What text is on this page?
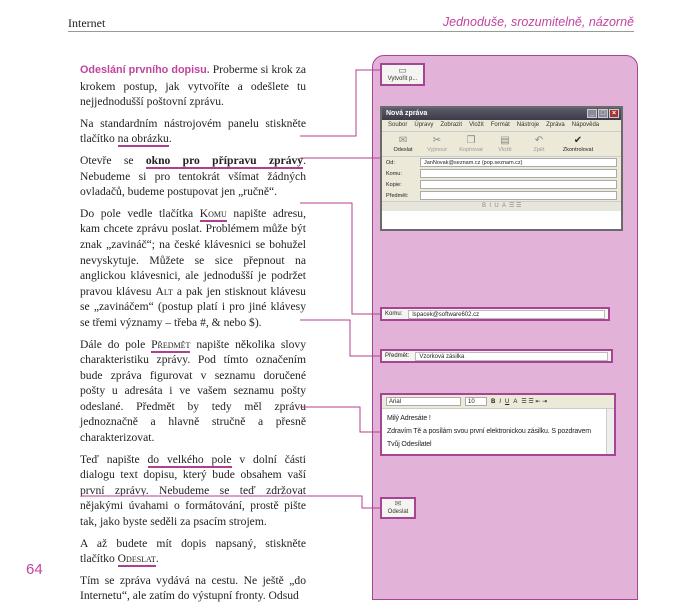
Internet	Jednoduše, srozumitelně, názorně
Odeslání prvního dopisu. Proberme si krok za krokem postup, jak vytvoříte a odešlete tu nejjednodušší poštovní zprávu.
Na standardním nástrojovém panelu stiskněte tlačítko na obrázku.
Otevře se okno pro přípravu zprávy. Nebudeme si pro tentokrát všímat žádných ovladačů, budeme postupovat jen „ručně“.
Do pole vedle tlačítka Komu napište adresu, kam chcete zprávu poslat. Problémem může být znak „zavináč“; na české klávesnici se bohužel nevyskytuje. Můžete se sice přepnout na anglickou klávesnici, ale jednodušší je podržet pravou klávesu Alt a pak jen stisknout klávesu se „zavináčem“ (postup platí i pro jiné klávesy se třemi významy – třeba #, & nebo $).
Dále do pole Předmět napište několika slovy charakteristiku zprávy. Pod tímto označením bude zpráva figurovat v seznamu doručené pošty u adresáta i ve vašem seznamu pošty odeslané. Předmět by tedy měl zprávu jednoznačně a hlavně stručně a přesně charakterizovat.
Teď napište do velkého pole v dolní části dialogu text dopisu, který bude obsahem vaší první zprávy. Nebudeme se teď zdržovat nějakými úvahami o formátování, prostě pište tak, jako byste seděli za psacím strojem.
A až budete mít dopis napsaný, stiskněte tlačítko Odeslat.
Tím se zpráva vydává na cestu. Ne ještě „do Internetu“, ale zatím do výstupní fronty. Odsud
64
▭
Vytvořit p...
Nová zpráva	_ □ ×
Soubor Úpravy Zobrazit Vložit Formát Nástroje Zpráva Nápověda
✉
Odeslat
✂
Vyjmout
❐
Kopírovat
▤
Vložit
↶
Zpět
✔
Zkontrolovat
Od:	JanNovak@seznam.cz (pop.seznam.cz)
Komu:
Kopie:
Předmět:
B  I  U  A  ☰ ☰
Komu:	lspacek@software602.cz
Předmět:	Vzorková zásilka
Arial	10	B I U A ☰ ☰ ⇤ ⇥
Milý Adresáte !
Zdravím Tě a posílám svou první elektronickou zásilku. S pozdravem
Tvůj Odesílatel
✉
Odeslat
